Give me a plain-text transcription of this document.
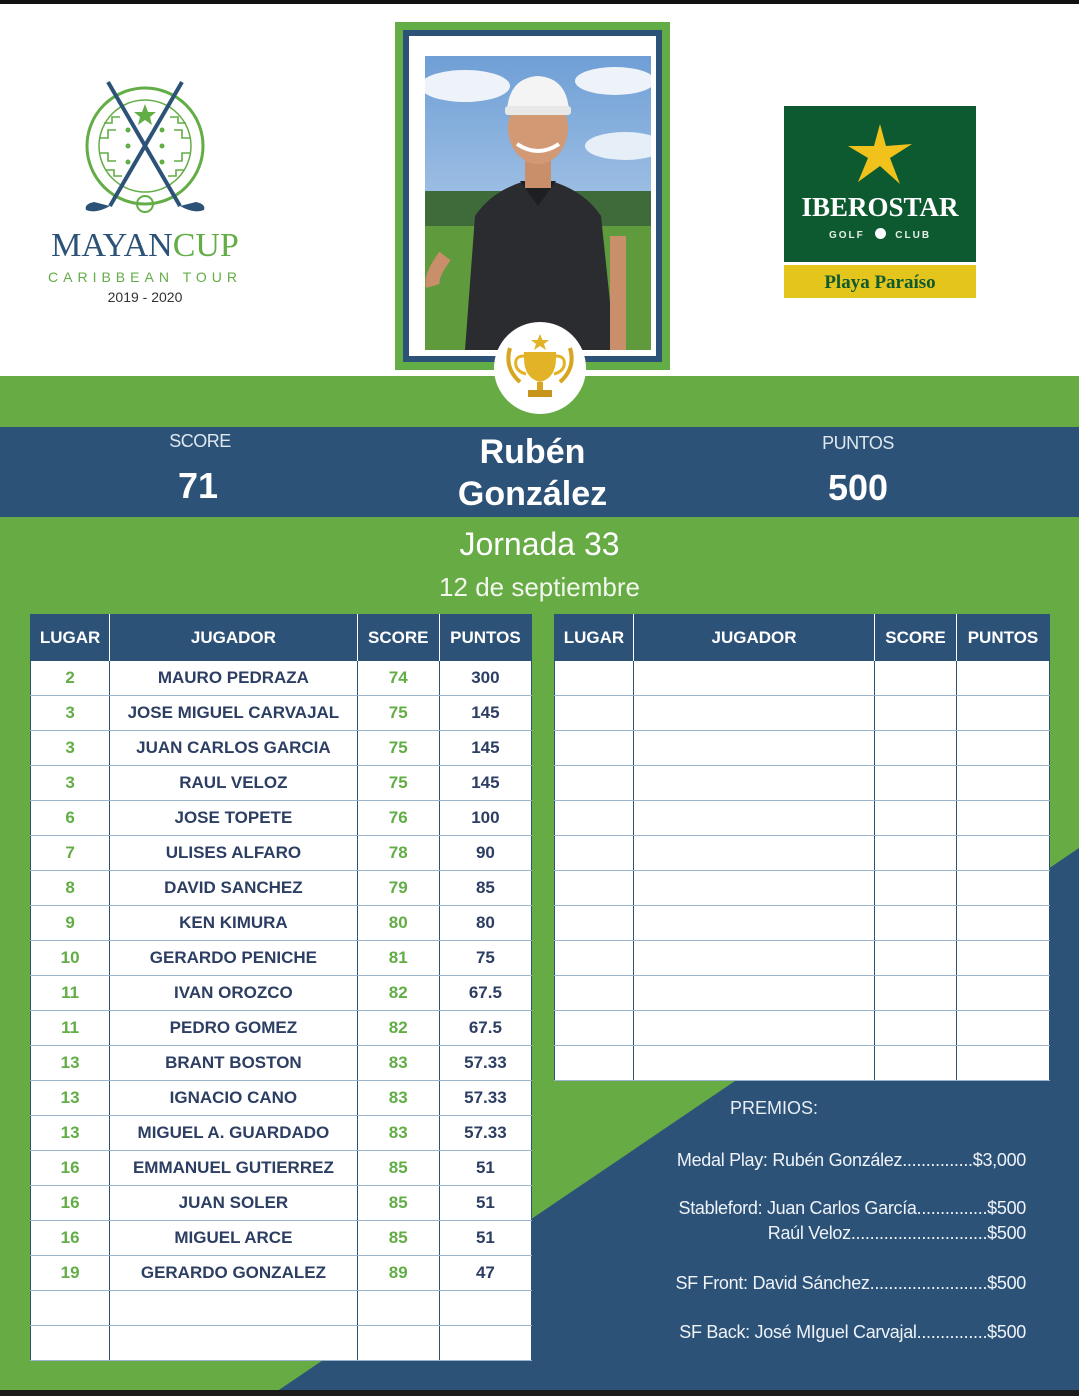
MAYANCUP
CARIBBEAN TOUR
2019 - 2020
IBEROSTAR
GOLF	CLUB
Playa Paraíso
SCORE
71
Rubén
González
PUNTOS
500
Jornada 33
12 de septiembre
LUGAR	JUGADOR	SCORE	PUNTOS
2	MAURO PEDRAZA	74	300
3	JOSE MIGUEL CARVAJAL	75	145
3	JUAN CARLOS GARCIA	75	145
3	RAUL VELOZ	75	145
6	JOSE TOPETE	76	100
7	ULISES ALFARO	78	90
8	DAVID SANCHEZ	79	85
9	KEN KIMURA	80	80
10	GERARDO PENICHE	81	75
11	IVAN OROZCO	82	67.5
11	PEDRO GOMEZ	82	67.5
13	BRANT BOSTON	83	57.33
13	IGNACIO CANO	83	57.33
13	MIGUEL A. GUARDADO	83	57.33
16	EMMANUEL GUTIERREZ	85	51
16	JUAN SOLER	85	51
16	MIGUEL ARCE	85	51
19	GERARDO GONZALEZ	89	47

LUGAR	JUGADOR	SCORE	PUNTOS

PREMIOS:
Medal Play: Rubén González...............$3,000
Stableford: Juan Carlos García...............$500
Raúl Veloz.............................$500
SF Front: David Sánchez.........................$500
SF Back: José MIguel Carvajal...............$500
